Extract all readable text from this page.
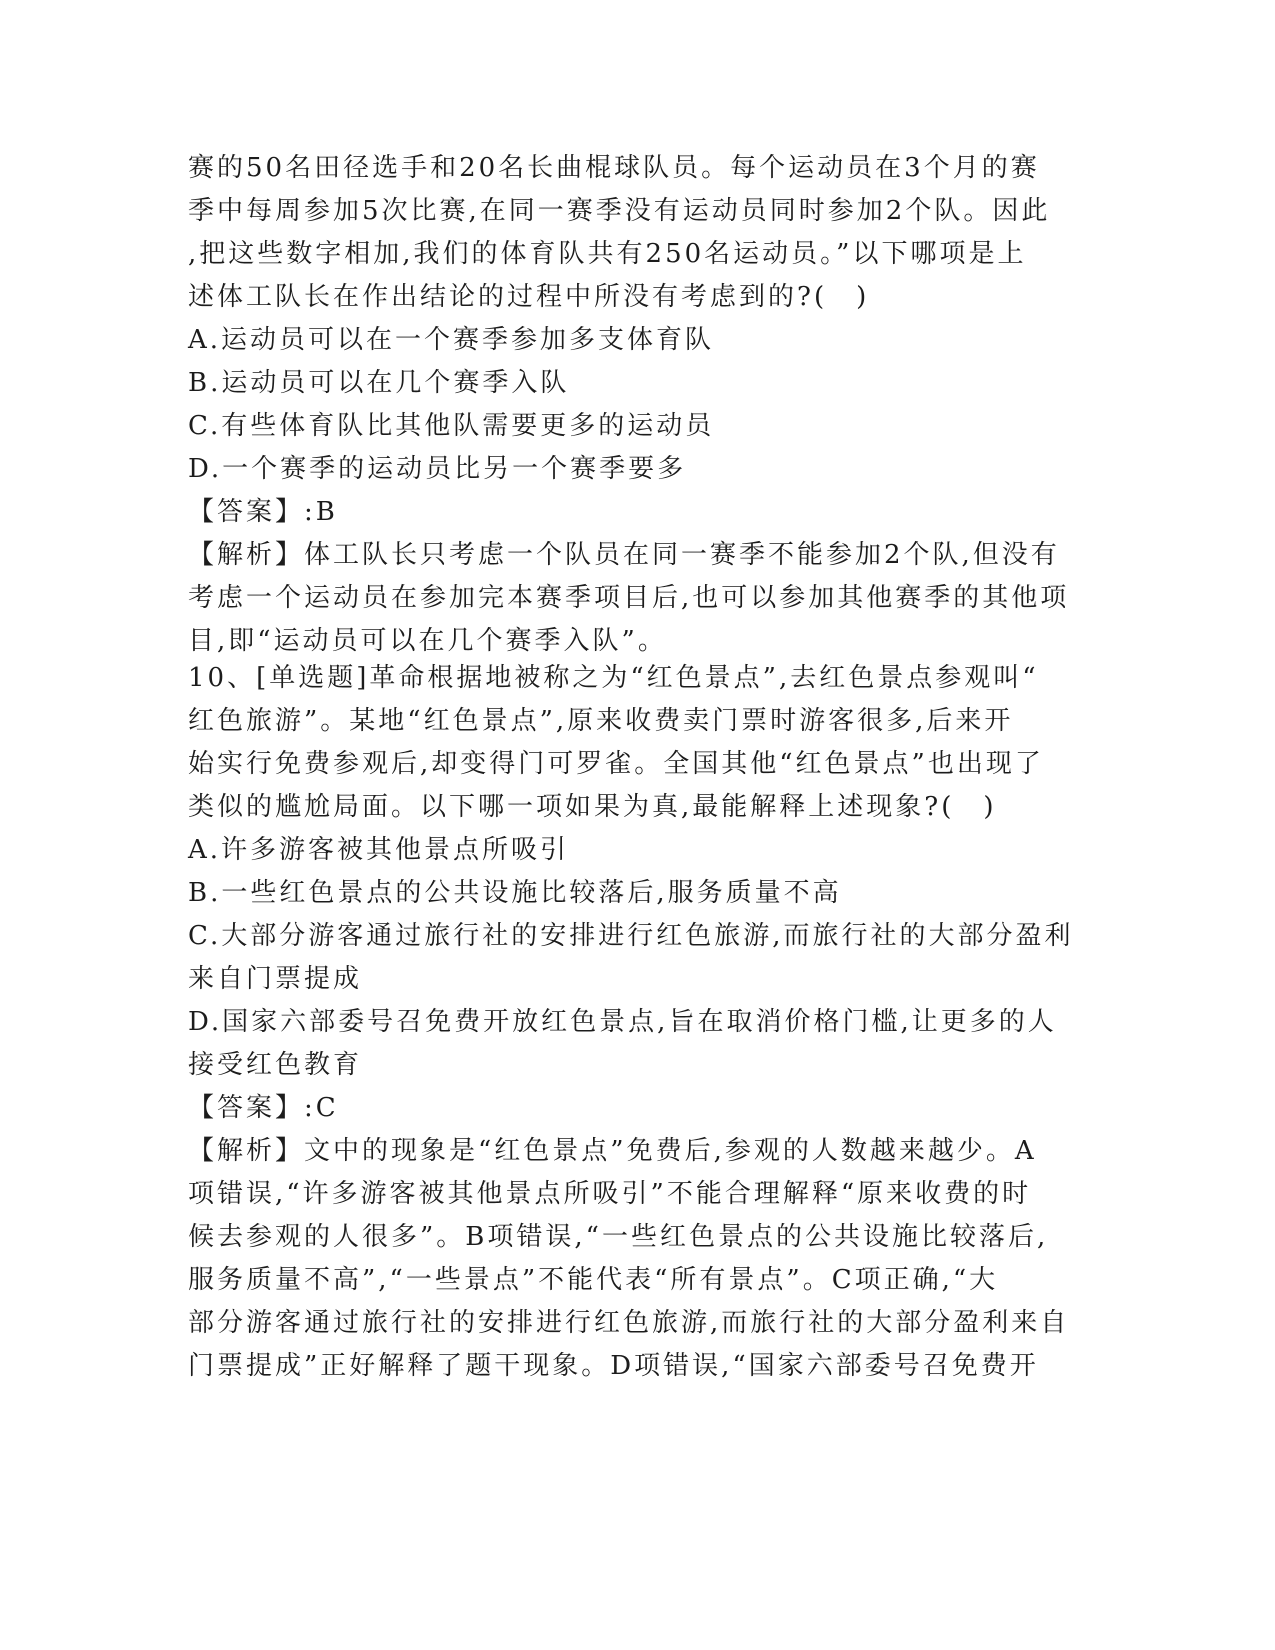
赛的50名田径选手和20名长曲棍球队员。每个运动员在3个月的赛
季中每周参加5次比赛,在同一赛季没有运动员同时参加2个队。因此
,把这些数字相加,我们的体育队共有250名运动员。”以下哪项是上
述体工队长在作出结论的过程中所没有考虑到的?(　)
A.运动员可以在一个赛季参加多支体育队
B.运动员可以在几个赛季入队
C.有些体育队比其他队需要更多的运动员
D.一个赛季的运动员比另一个赛季要多
【答案】:B
【解析】体工队长只考虑一个队员在同一赛季不能参加2个队,但没有
考虑一个运动员在参加完本赛季项目后,也可以参加其他赛季的其他项
目,即“运动员可以在几个赛季入队”。
10、[单选题]革命根据地被称之为“红色景点”,去红色景点参观叫“
红色旅游”。某地“红色景点”,原来收费卖门票时游客很多,后来开
始实行免费参观后,却变得门可罗雀。全国其他“红色景点”也出现了
类似的尴尬局面。以下哪一项如果为真,最能解释上述现象?(　)
A.许多游客被其他景点所吸引
B.一些红色景点的公共设施比较落后,服务质量不高
C.大部分游客通过旅行社的安排进行红色旅游,而旅行社的大部分盈利
来自门票提成
D.国家六部委号召免费开放红色景点,旨在取消价格门槛,让更多的人
接受红色教育
【答案】:C
【解析】文中的现象是“红色景点”免费后,参观的人数越来越少。A
项错误,“许多游客被其他景点所吸引”不能合理解释“原来收费的时
候去参观的人很多”。B项错误,“一些红色景点的公共设施比较落后,
服务质量不高”,“一些景点”不能代表“所有景点”。C项正确,“大
部分游客通过旅行社的安排进行红色旅游,而旅行社的大部分盈利来自
门票提成”正好解释了题干现象。D项错误,“国家六部委号召免费开
